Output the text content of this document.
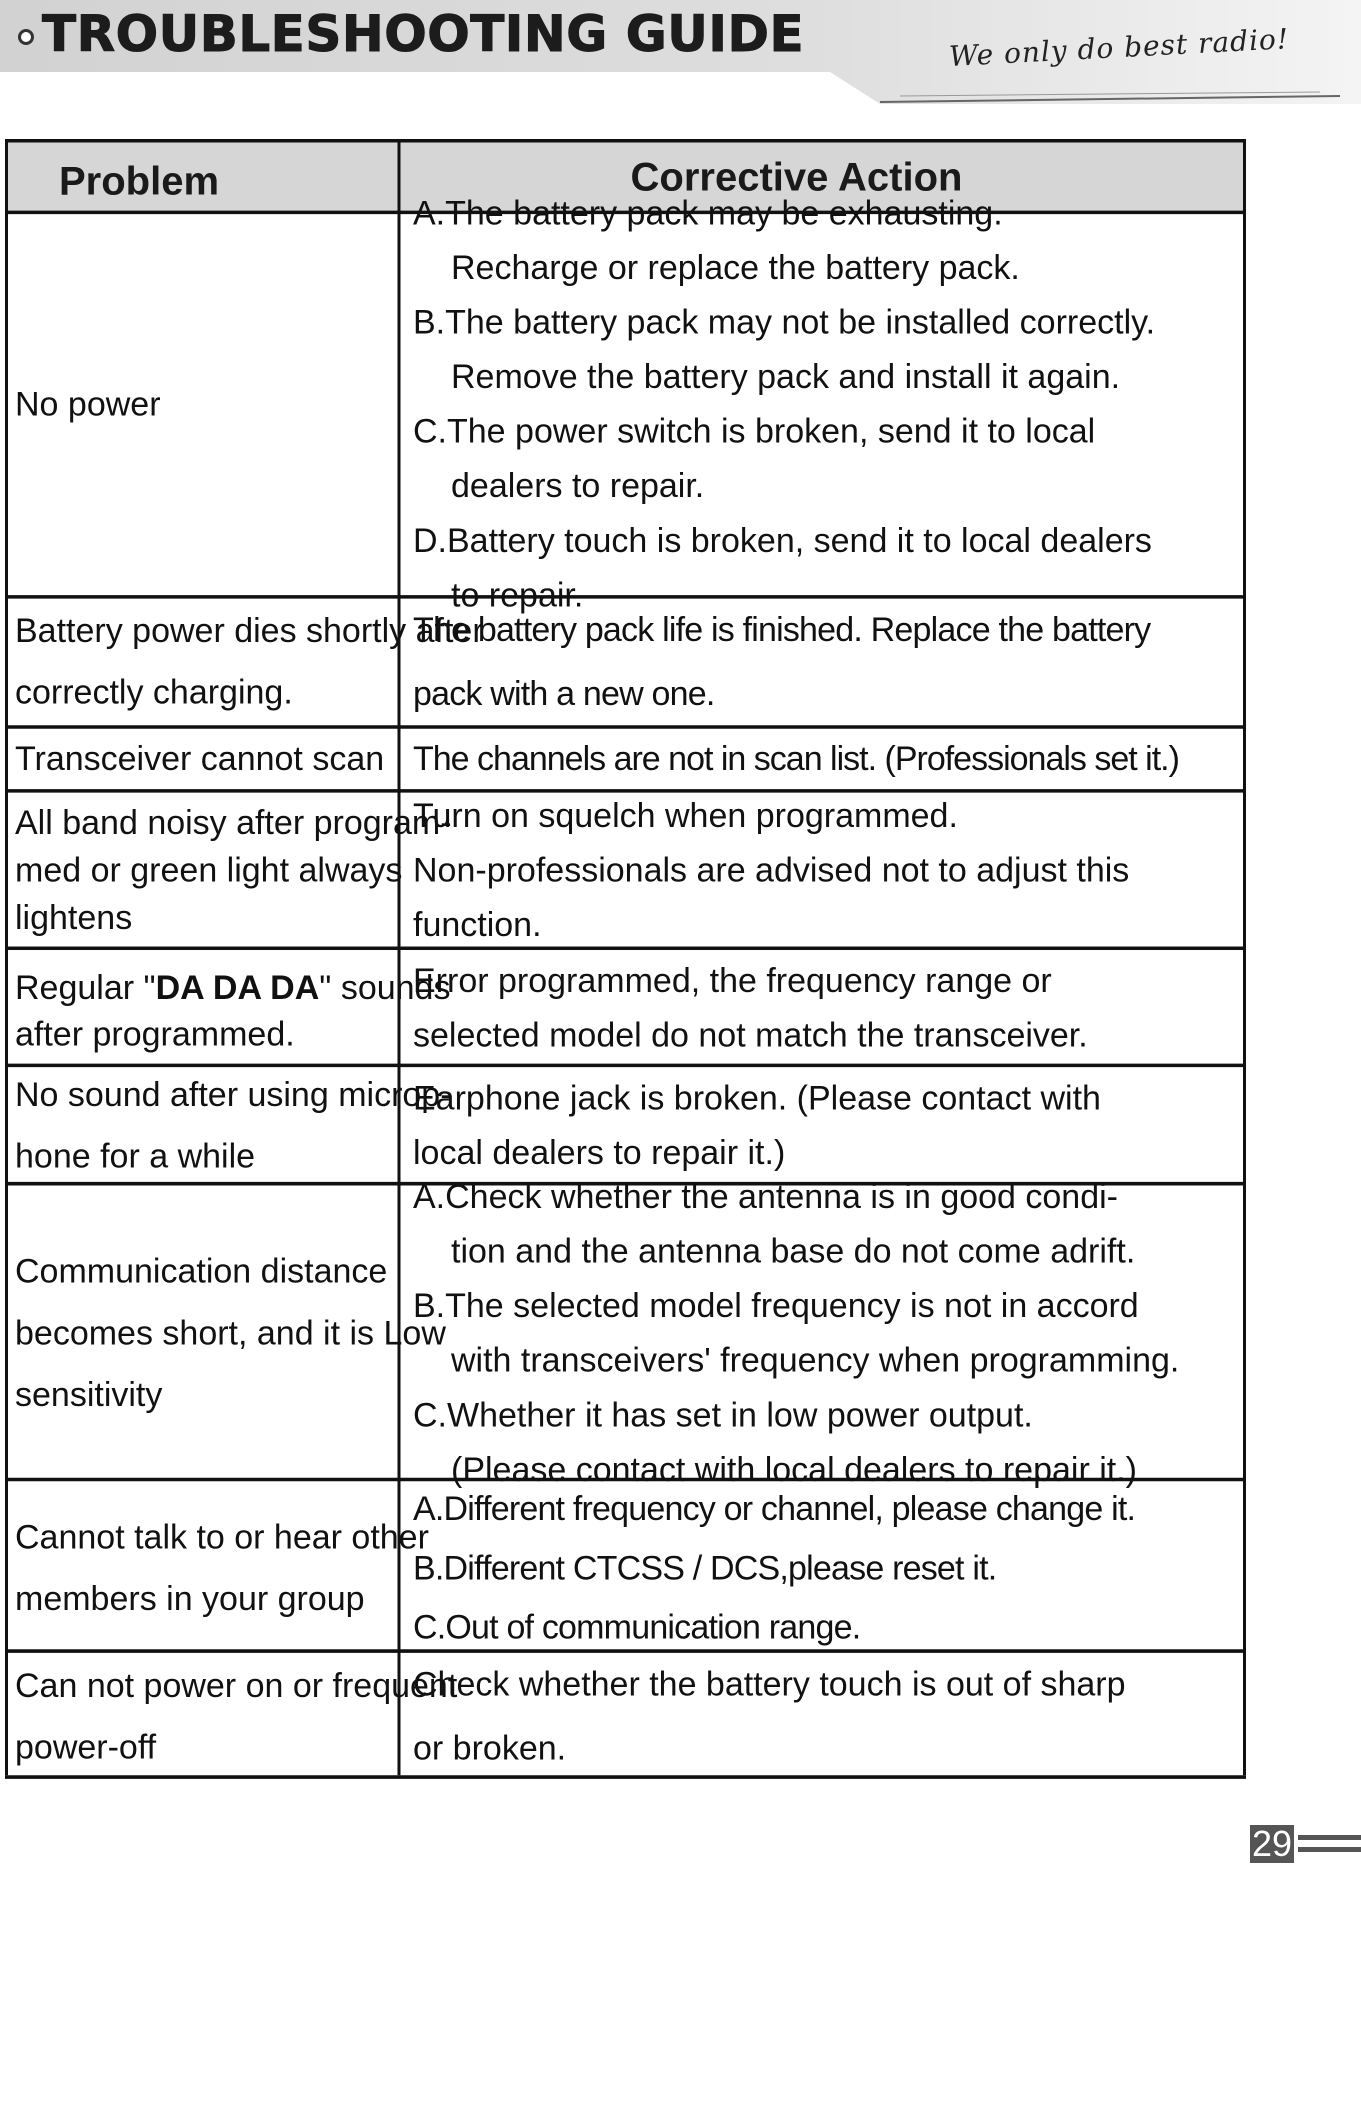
TROUBLESHOOTING GUIDE	We only do best radio!
Problem	Corrective Action
No power
A.The battery pack may be exhausting.
Recharge or replace the battery pack.
B.The battery pack may not be installed correctly.
Remove the battery pack and install it again.
C.The power switch is broken, send it to local
dealers to repair.
D.Battery touch is broken, send it to local dealers
to repair.
Battery power dies shortly after
correctly charging.
The battery pack life is finished. Replace the battery
pack with a new one.
Transceiver cannot scan The channels are not in scan list. (Professionals set it.)
All band noisy after program-
med or green light always
lightens
Turn on squelch when programmed.
Non-professionals are advised not to adjust this
function.
Regular "DA DA DA" sounds
after programmed.
Error programmed, the frequency range or
selected model do not match the transceiver.
No sound after using microp-
hone for a while
Earphone jack is broken. (Please contact with
local dealers to repair it.)
Communication distance
becomes short, and it is Low
sensitivity
A.Check whether the antenna is in good condi-
tion and the antenna base do not come adrift.
B.The selected model frequency is not in accord
with transceivers' frequency when programming.
C.Whether it has set in low power output.
(Please contact with local dealers to repair it.)
Cannot talk to or hear other
members in your group
A.Different frequency or channel, please change it.
B.Different CTCSS / DCS,please reset it.
C.Out of communication range.
Can not power on or frequent
power-off
Check whether the battery touch is out of sharp
or broken.
29
